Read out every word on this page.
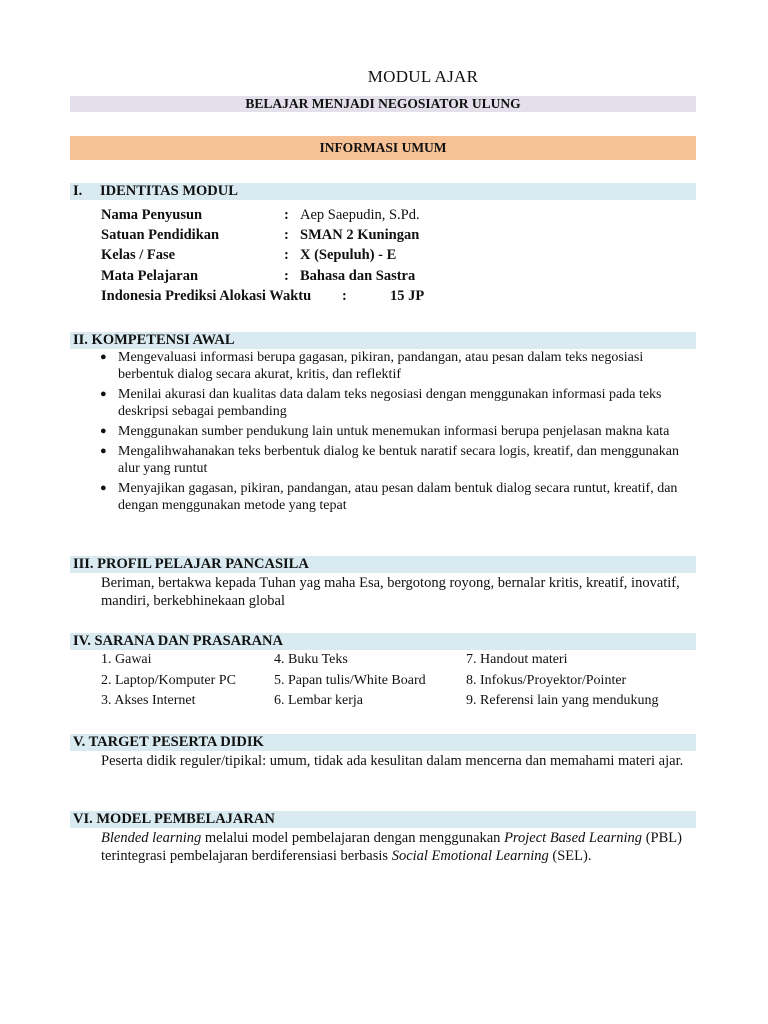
MODUL AJAR
BELAJAR MENJADI NEGOSIATOR ULUNG
INFORMASI UMUM
I. IDENTITAS MODUL
Nama Penyusun	: Aep Saepudin, S.Pd.
Satuan Pendidikan	: SMAN 2 Kuningan
Kelas / Fase	: X (Sepuluh) - E
Mata Pelajaran	: Bahasa dan Sastra
Indonesia Prediksi Alokasi Waktu :	15 JP
II. KOMPETENSI AWAL
● Mengevaluasi informasi berupa gagasan, pikiran, pandangan, atau pesan dalam teks negosiasi berbentuk dialog secara akurat, kritis, dan reflektif
● Menilai akurasi dan kualitas data dalam teks negosiasi dengan menggunakan informasi pada teks deskripsi sebagai pembanding
● Menggunakan sumber pendukung lain untuk menemukan informasi berupa penjelasan makna kata
● Mengalihwahanakan teks berbentuk dialog ke bentuk naratif secara logis, kreatif, dan menggunakan alur yang runtut
● Menyajikan gagasan, pikiran, pandangan, atau pesan dalam bentuk dialog secara runtut, kreatif, dan dengan menggunakan metode yang tepat
III. PROFIL PELAJAR PANCASILA
Beriman, bertakwa kepada Tuhan yag maha Esa, bergotong royong, bernalar kritis, kreatif, inovatif, mandiri, berkebhinekaan global
IV. SARANA DAN PRASARANA
1. Gawai	4. Buku Teks	7. Handout materi
2. Laptop/Komputer PC	5. Papan tulis/White Board	8. Infokus/Proyektor/Pointer
3. Akses Internet	6. Lembar kerja	9. Referensi lain yang mendukung
V. TARGET PESERTA DIDIK
Peserta didik reguler/tipikal: umum, tidak ada kesulitan dalam mencerna dan memahami materi ajar.
VI. MODEL PEMBELAJARAN
Blended learning melalui model pembelajaran dengan menggunakan Project Based Learning (PBL) terintegrasi pembelajaran berdiferensiasi berbasis Social Emotional Learning (SEL).
